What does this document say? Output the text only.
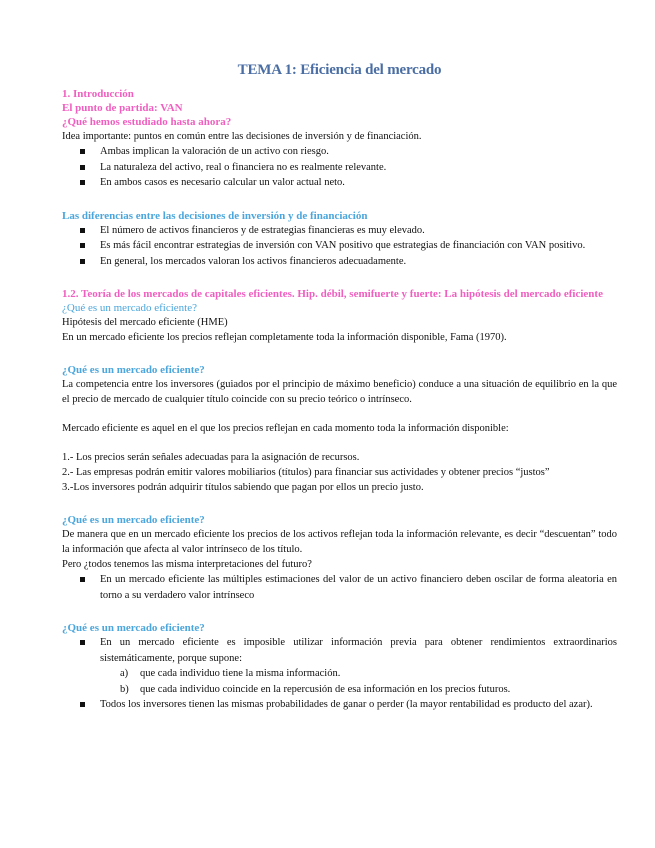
TEMA 1: Eficiencia del mercado

1. Introducción

El punto de partida: VAN

¿Qué hemos estudiado hasta ahora?

Idea importante: puntos en común entre las decisiones de inversión y de financiación.

Ambas implican la valoración de un activo con riesgo.
La naturaleza del activo, real o financiera no es realmente relevante.
En ambos casos es necesario calcular un valor actual neto.

Las diferencias entre las decisiones de inversión y de financiación

El número de activos financieros y de estrategias financieras es muy elevado.
Es más fácil encontrar estrategias de inversión con VAN positivo que estrategias de financiación con VAN positivo.
En general, los mercados valoran los activos financieros adecuadamente.

1.2. Teoría de los mercados de capitales eficientes. Hip. débil, semifuerte y fuerte: La hipótesis del mercado eficiente

¿Qué es un mercado eficiente?

Hipótesis del mercado eficiente (HME)

En un mercado eficiente los precios reflejan completamente toda la información disponible, Fama (1970).

¿Qué es un mercado eficiente?

La competencia entre los inversores (guiados por el principio de máximo beneficio) conduce a una situación de equilibrio en la que el precio de mercado de cualquier título coincide con su precio teórico o intrínseco.

Mercado eficiente es aquel en el que los precios reflejan en cada momento toda la información disponible:

1.- Los precios serán señales adecuadas para la asignación de recursos.

2.- Las empresas podrán emitir valores mobiliarios (títulos) para financiar sus actividades y obtener precios “justos”

3.-Los inversores podrán adquirir títulos sabiendo que pagan por ellos un precio justo.

¿Qué es un mercado eficiente?

De manera que en un mercado eficiente los precios de los activos reflejan toda la información relevante, es decir “descuentan” todo la información que afecta al valor intrínseco de los título.

Pero ¿todos tenemos las misma interpretaciones del futuro?

En un mercado eficiente las múltiples estimaciones del valor de un activo financiero deben oscilar de forma aleatoria en torno a su verdadero valor intrínseco

¿Qué es un mercado eficiente?

En un mercado eficiente es imposible utilizar información previa para obtener rendimientos extraordinarios sistemáticamente, porque supone:
a) que cada individuo tiene la misma información.
b) que cada individuo coincide en la repercusión de esa información en los precios futuros.
Todos los inversores tienen las mismas probabilidades de ganar o perder (la mayor rentabilidad es producto del azar).
